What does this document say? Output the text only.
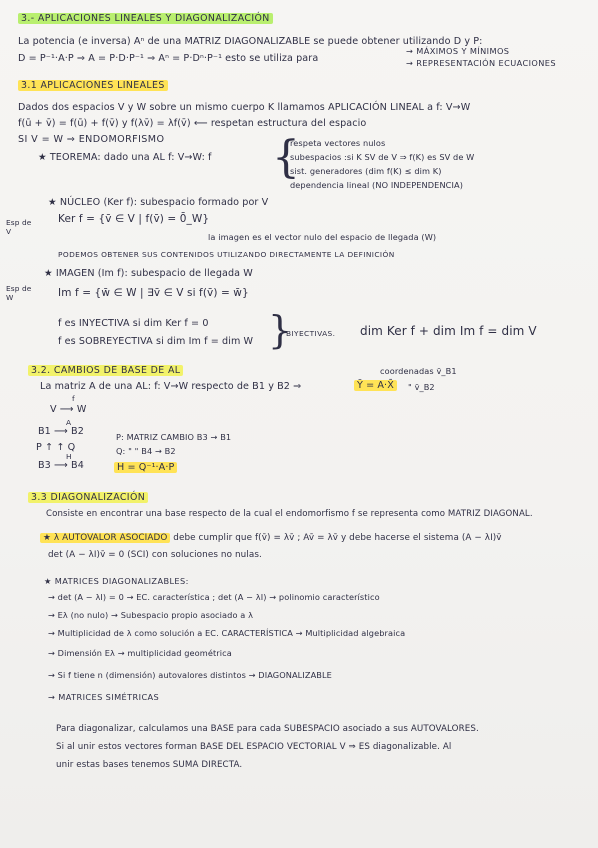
3.- APLICACIONES LINEALES Y DIAGONALIZACIÓN
La potencia (e inversa) Aⁿ de una MATRIZ DIAGONALIZABLE se puede obtener utilizando D y P:
D = P⁻¹·A·P ⇒ A = P·D·P⁻¹ ⇒ Aⁿ = P·Dⁿ·P⁻¹ esto se utiliza para
→ MÁXIMOS Y MÍNIMOS
→ REPRESENTACIÓN ECUACIONES
3.1 APLICACIONES LINEALES
Dados dos espacios V y W sobre un mismo cuerpo K llamamos APLICACIÓN LINEAL a f: V→W
f(ū + v̄) = f(ū) + f(v̄) y f(λv̄) = λf(v̄) ⟵ respetan estructura del espacio
SI V = W ⇒ ENDOMORFISMO
★ TEOREMA: dado una AL f: V→W: f {
respeta vectores nulos
subespacios :si K SV de V ⇒ f(K) es SV de W
sist. generadores (dim f(K) ≤ dim K)
dependencia lineal (NO INDEPENDENCIA)
★ NÚCLEO (Ker f): subespacio formado por V
Esp de V
Ker f = {v̄ ∈ V | f(v̄) = 0̄_W}
la imagen es el vector nulo del espacio de llegada (W)
PODEMOS OBTENER SUS CONTENIDOS UTILIZANDO DIRECTAMENTE LA DEFINICIÓN
★ IMAGEN (Im f): subespacio de llegada W
Esp de W	Im f = {w̄ ∈ W | ∃v̄ ∈ V si f(v̄) = w̄}
f es INYECTIVA si dim Ker f = 0
f es SOBREYECTIVA si dim Im f = dim W }
BIYECTIVAS. dim Ker f + dim Im f = dim V
3.2. CAMBIOS DE BASE DE AL	coordenadas v̄_B1
La matriz A de una AL: f: V→W respecto de B1 y B2 ⇒	Ȳ = A·X̄	" v̄_B2
f
V ⟶ W
A
B1 ⟶ B2
P ↑ ↑ Q
H
B3 ⟶ B4
P: MATRIZ CAMBIO B3 → B1
Q: " " B4 → B2
H = Q⁻¹·A·P
3.3 DIAGONALIZACIÓN
Consiste en encontrar una base respecto de la cual el endomorfismo f se representa como MATRIZ DIAGONAL.
★ λ AUTOVALOR ASOCIADO debe cumplir que f(v̄) = λv̄ ; Av̄ = λv̄ y debe hacerse el sistema (A − λI)v̄
det (A − λI)v̄ = 0 (SCI) con soluciones no nulas.
★ MATRICES DIAGONALIZABLES:
→ det (A − λI) = 0 → EC. característica ; det (A − λI) → polinomio característico
→ Eλ (no nulo) → Subespacio propio asociado a λ
→ Multiplicidad de λ como solución a EC. CARACTERÍSTICA → Multiplicidad algebraica
→ Dimensión Eλ → multiplicidad geométrica
→ Si f tiene n (dimensión) autovalores distintos → DIAGONALIZABLE
→ MATRICES SIMÉTRICAS
Para diagonalizar, calculamos una BASE para cada SUBESPACIO asociado a sus AUTOVALORES.
Si al unir estos vectores forman BASE DEL ESPACIO VECTORIAL V ⇒ ES diagonalizable. Al
unir estas bases tenemos SUMA DIRECTA.
